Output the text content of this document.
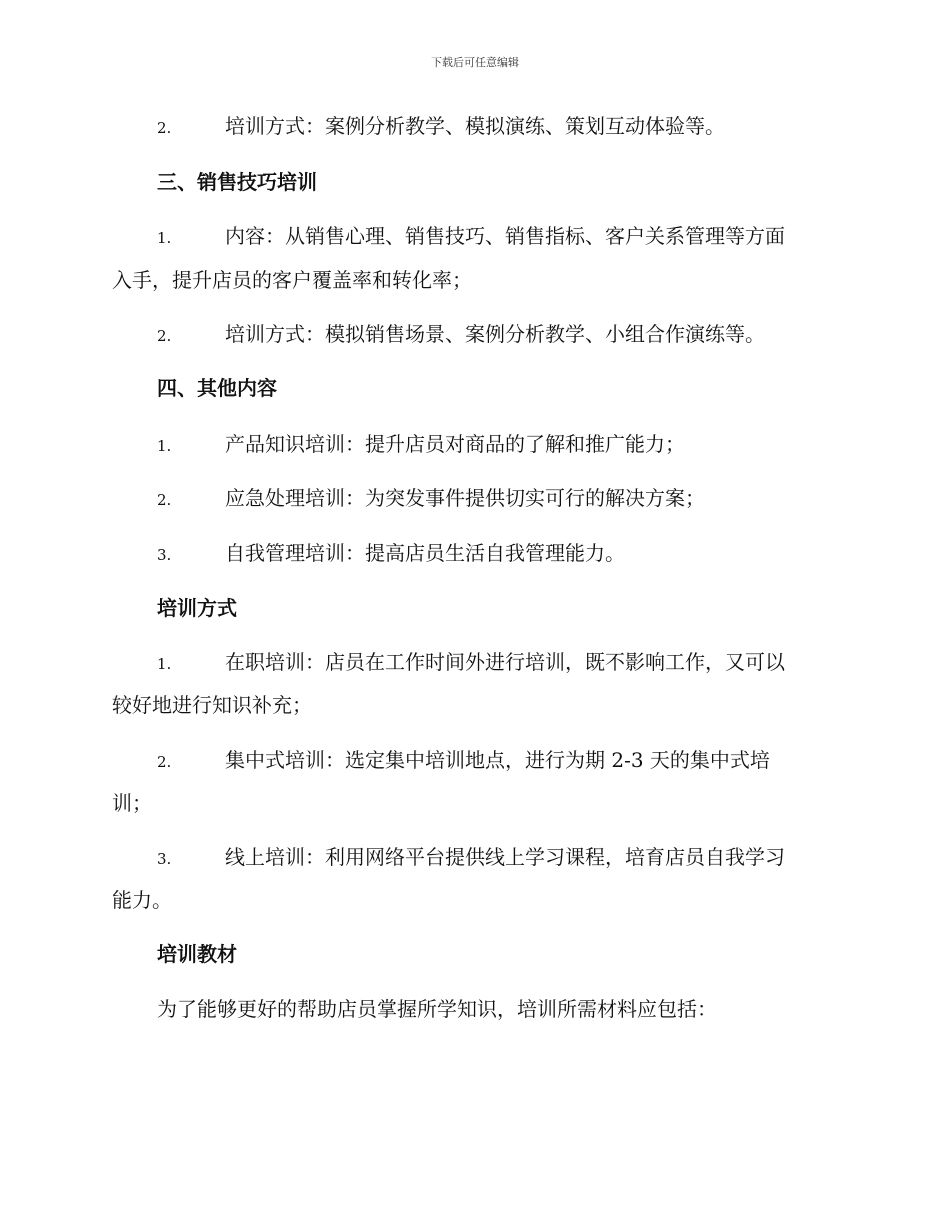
下载后可任意编辑
2.	培训方式：案例分析教学、模拟演练、策划互动体验等。
三、销售技巧培训
1.	内容：从销售心理、销售技巧、销售指标、客户关系管理等方面
入手，提升店员的客户覆盖率和转化率；
2.	培训方式：模拟销售场景、案例分析教学、小组合作演练等。
四、其他内容
1.	产品知识培训：提升店员对商品的了解和推广能力；
2.	应急处理培训：为突发事件提供切实可行的解决方案；
3.	自我管理培训：提高店员生活自我管理能力。
培训方式
1.	在职培训：店员在工作时间外进行培训，既不影响工作，又可以
较好地进行知识补充；
2.	集中式培训：选定集中培训地点，进行为期 2-3 天的集中式培
训；
3.	线上培训：利用网络平台提供线上学习课程，培育店员自我学习
能力。
培训教材
为了能够更好的帮助店员掌握所学知识，培训所需材料应包括：
